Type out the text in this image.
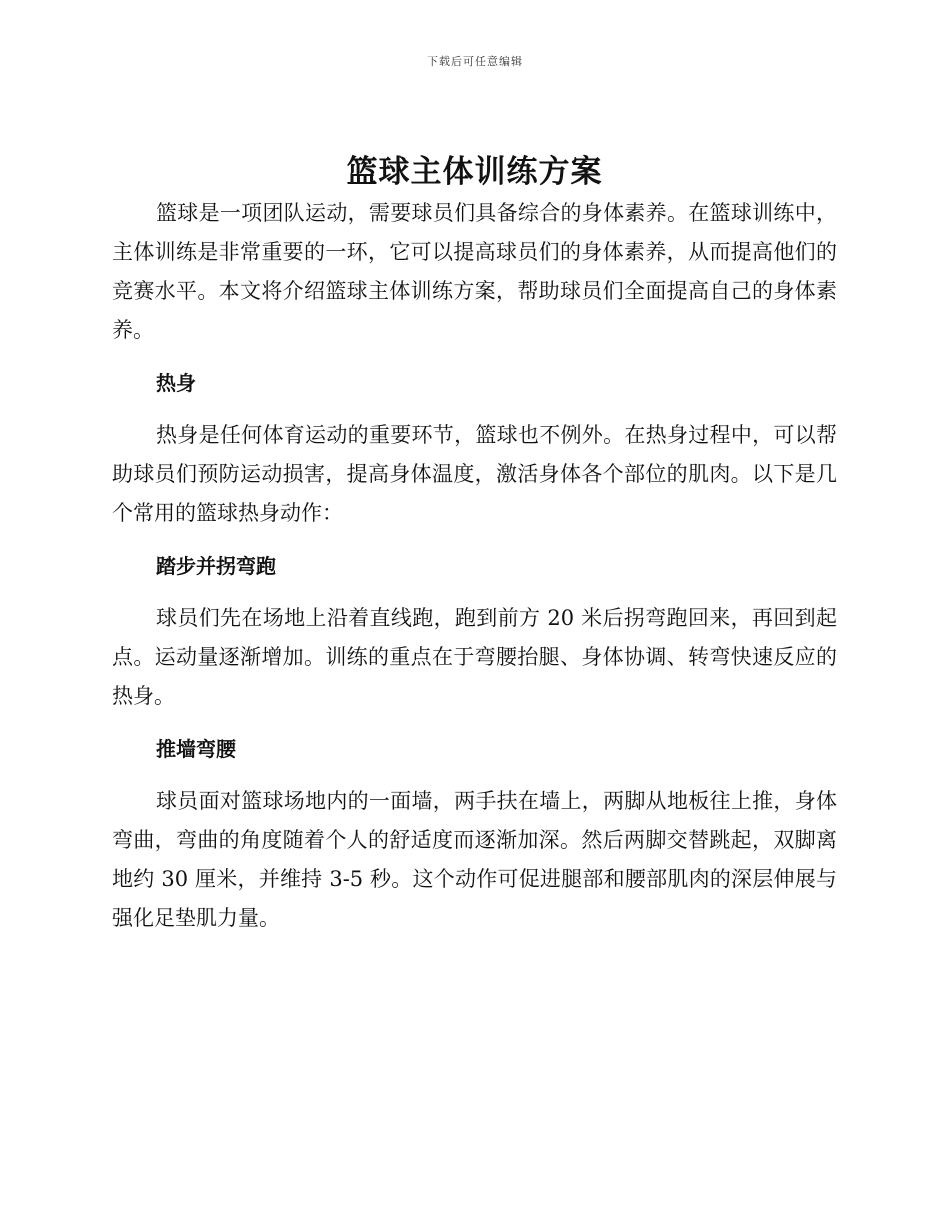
下载后可任意编辑
篮球主体训练方案

篮球是一项团队运动，需要球员们具备综合的身体素养。在篮球训练中，主体训练是非常重要的一环，它可以提高球员们的身体素养，从而提高他们的竞赛水平。本文将介绍篮球主体训练方案，帮助球员们全面提高自己的身体素养。

热身

热身是任何体育运动的重要环节，篮球也不例外。在热身过程中，可以帮助球员们预防运动损害，提高身体温度，激活身体各个部位的肌肉。以下是几个常用的篮球热身动作：

踏步并拐弯跑

球员们先在场地上沿着直线跑，跑到前方 20 米后拐弯跑回来，再回到起点。运动量逐渐增加。训练的重点在于弯腰抬腿、身体协调、转弯快速反应的热身。

推墙弯腰

球员面对篮球场地内的一面墙，两手扶在墙上，两脚从地板往上推，身体弯曲，弯曲的角度随着个人的舒适度而逐渐加深。然后两脚交替跳起，双脚离地约 30 厘米，并维持 3-5 秒。这个动作可促进腿部和腰部肌肉的深层伸展与强化足垫肌力量。
